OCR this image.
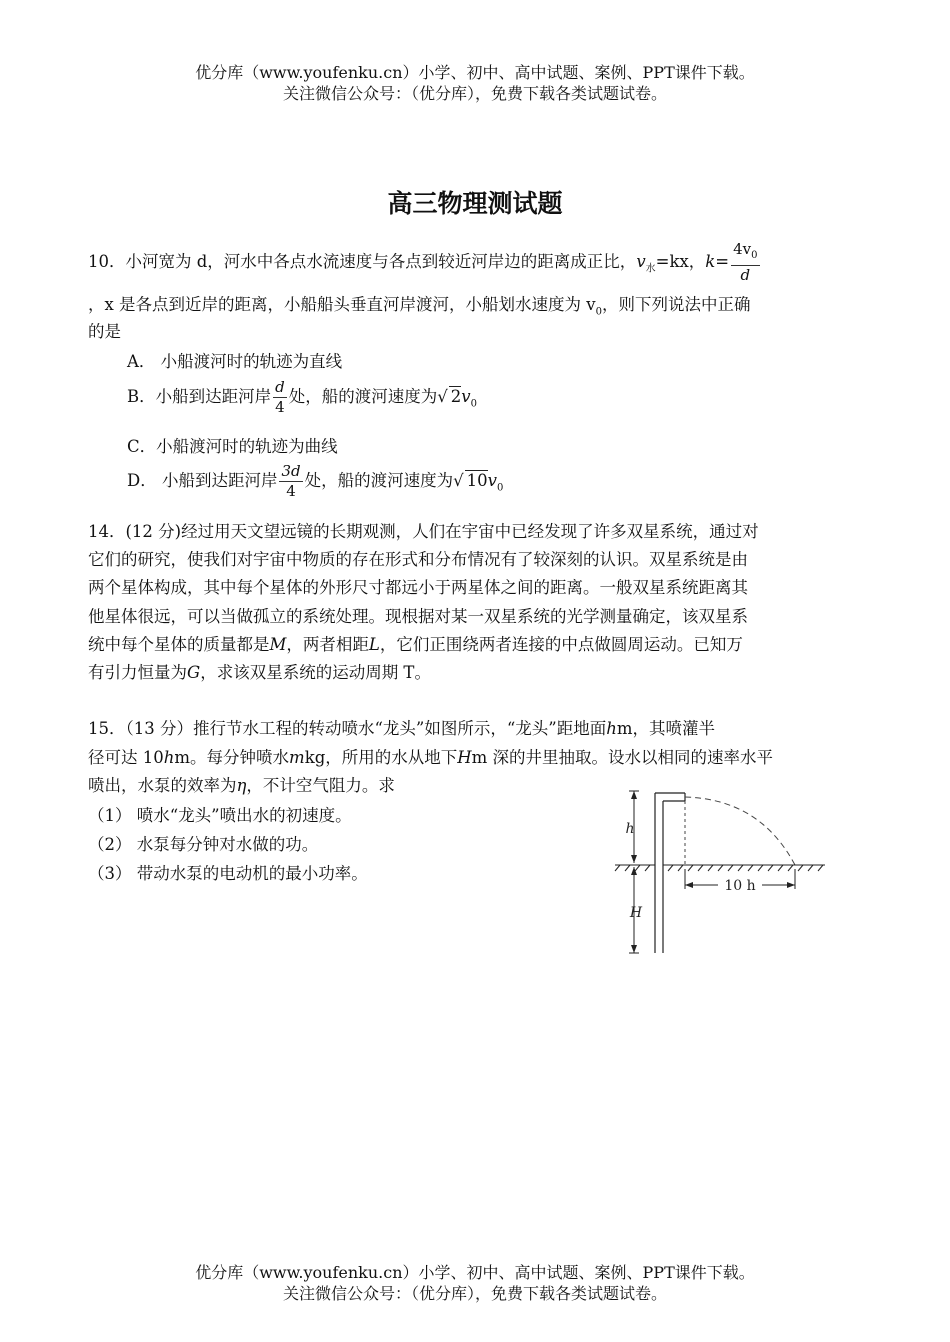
优分库（www.youfenku.cn）小学、初中、高中试题、案例、PPT课件下载。
关注微信公众号：（优分库），免费下载各类试题试卷。
高三物理测试题
10．小河宽为 d，河水中各点水流速度与各点到较近河岸边的距离成正比，$v_水=kx$，$k= \frac{4v_0}{d}$
，x 是各点到近岸的距离，小船船头垂直河岸渡河，小船划水速度为 $v_0$，则下列说法中正确
的是
A． 小船渡河时的轨迹为直线
B．小船到达距河岸 $\frac{d}{4}$ 处，船的渡河速度为√ $2v_0$
C．小船渡河时的轨迹为曲线
D． 小船到达距河岸 $\frac{3d}{4}$ 处，船的渡河速度为√ $10v_0$
14．(12 分)经过用天文望远镜的长期观测，人们在宇宙中已经发现了许多双星系统，通过对
它们的研究，使我们对宇宙中物质的存在形式和分布情况有了较深刻的认识。双星系统是由
两个星体构成，其中每个星体的外形尺寸都远小于两星体之间的距离。一般双星系统距离其
他星体很远，可以当做孤立的系统处理。现根据对某一双星系统的光学测量确定，该双星系
统中每个星体的质量都是M，两者相距L，它们正围绕两者连接的中点做圆周运动。已知万
有引力恒量为G，求该双星系统的运动周期 T。
15．（13 分）推行节水工程的转动喷水“龙头”如图所示，“龙头”距地面hm，其喷灌半
径可达 10hm。每分钟喷水mkg，所用的水从地下Hm 深的井里抽取。设水以相同的速率水平
喷出，水泵的效率为η，不计空气阻力。求
（1） 喷水“龙头”喷出水的初速度。
（2） 水泵每分钟对水做的功。
（3） 带动水泵的电动机的最小功率。
h
H
10 h
优分库（www.youfenku.cn）小学、初中、高中试题、案例、PPT课件下载。
关注微信公众号：（优分库），免费下载各类试题试卷。
